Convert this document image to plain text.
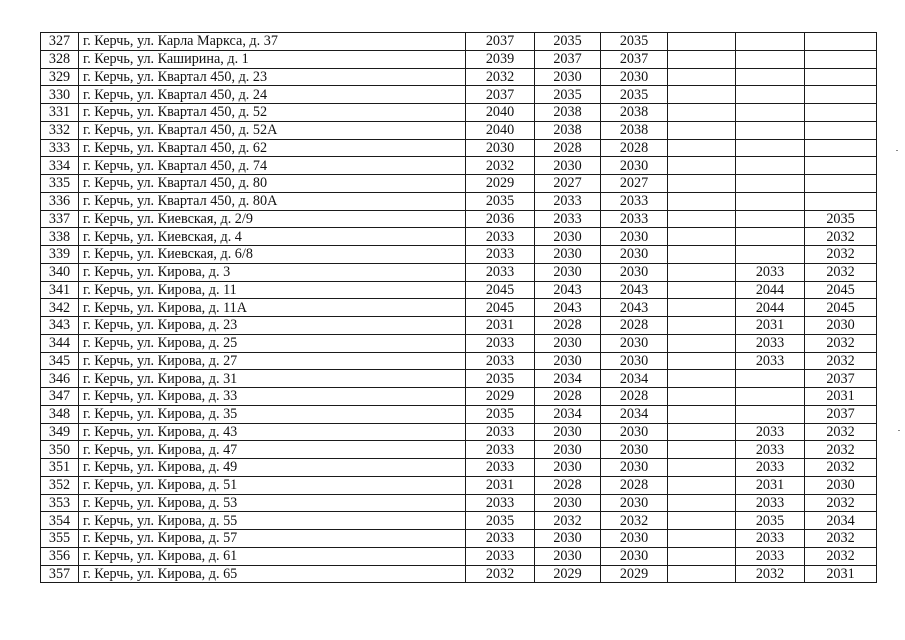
327	г. Керчь, ул. Карла Маркса, д. 37	2037	2035	2035			
328	г. Керчь, ул. Каширина, д. 1	2039	2037	2037			
329	г. Керчь, ул. Квартал 450, д. 23	2032	2030	2030			
330	г. Керчь, ул. Квартал 450, д. 24	2037	2035	2035			
331	г. Керчь, ул. Квартал 450, д. 52	2040	2038	2038			
332	г. Керчь, ул. Квартал 450, д. 52А	2040	2038	2038			
333	г. Керчь, ул. Квартал 450, д. 62	2030	2028	2028			
334	г. Керчь, ул. Квартал 450, д. 74	2032	2030	2030			
335	г. Керчь, ул. Квартал 450, д. 80	2029	2027	2027			
336	г. Керчь, ул. Квартал 450, д. 80А	2035	2033	2033			
337	г. Керчь, ул. Киевская, д. 2/9	2036	2033	2033			2035
338	г. Керчь, ул. Киевская, д. 4	2033	2030	2030			2032
339	г. Керчь, ул. Киевская, д. 6/8	2033	2030	2030			2032
340	г. Керчь, ул. Кирова, д. 3	2033	2030	2030		2033	2032
341	г. Керчь, ул. Кирова, д. 11	2045	2043	2043		2044	2045
342	г. Керчь, ул. Кирова, д. 11А	2045	2043	2043		2044	2045
343	г. Керчь, ул. Кирова, д. 23	2031	2028	2028		2031	2030
344	г. Керчь, ул. Кирова, д. 25	2033	2030	2030		2033	2032
345	г. Керчь, ул. Кирова, д. 27	2033	2030	2030		2033	2032
346	г. Керчь, ул. Кирова, д. 31	2035	2034	2034			2037
347	г. Керчь, ул. Кирова, д. 33	2029	2028	2028			2031
348	г. Керчь, ул. Кирова, д. 35	2035	2034	2034			2037
349	г. Керчь, ул. Кирова, д. 43	2033	2030	2030		2033	2032
350	г. Керчь, ул. Кирова, д. 47	2033	2030	2030		2033	2032
351	г. Керчь, ул. Кирова, д. 49	2033	2030	2030		2033	2032
352	г. Керчь, ул. Кирова, д. 51	2031	2028	2028		2031	2030
353	г. Керчь, ул. Кирова, д. 53	2033	2030	2030		2033	2032
354	г. Керчь, ул. Кирова, д. 55	2035	2032	2032		2035	2034
355	г. Керчь, ул. Кирова, д. 57	2033	2030	2030		2033	2032
356	г. Керчь, ул. Кирова, д. 61	2033	2030	2030		2033	2032
357	г. Керчь, ул. Кирова, д. 65	2032	2029	2029		2032	2031
